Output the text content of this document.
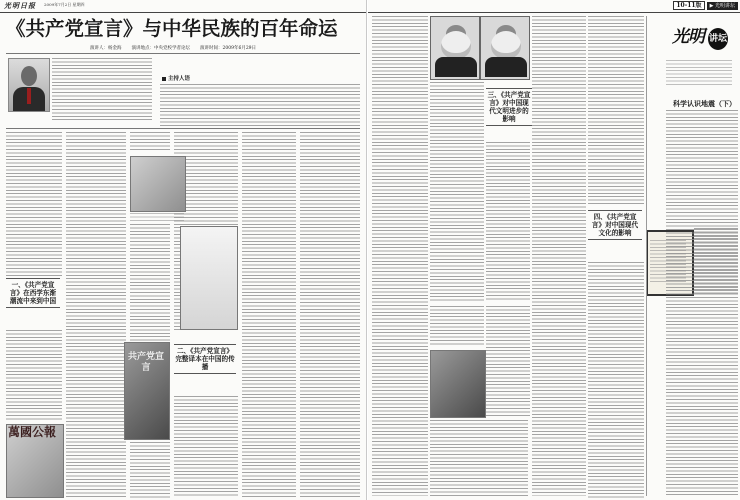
光明日报 2009年7月2日 星期四
《共产党宣言》与中华民族的百年命运
演讲人：杨金海 演讲地点：中央党校学者论坛 演讲时间：2009年6月29日
主持人语
一、《共产党宣言》在西学东渐潮流中来到中国
萬國公報
二、《共产党宣言》完整译本在中国的传播
共产党宣言
10-11版	▶ 光明讲坛
三、《共产党宣言》对中国现代文明进步的影响
四、《共产党宣言》对中国现代文化的影响
光明 讲坛
科学认识地震（下）
